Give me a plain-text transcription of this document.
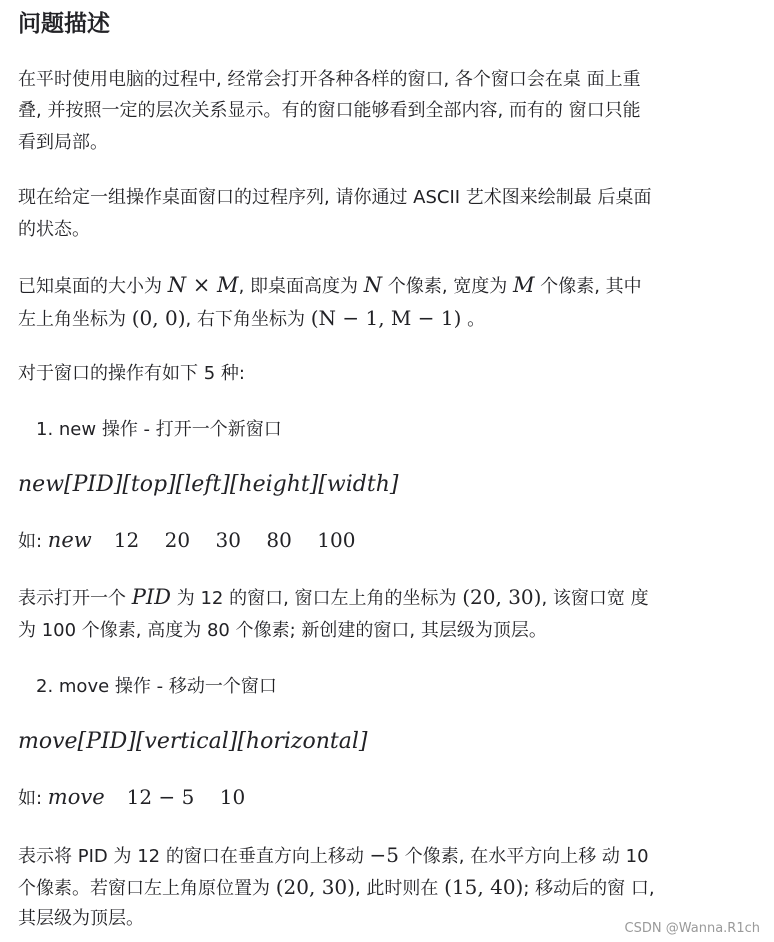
问题描述
在平时使用电脑的过程中, 经常会打开各种各样的窗口, 各个窗口会在桌 面上重
叠, 并按照一定的层次关系显示。有的窗口能够看到全部内容, 而有的 窗口只能
看到局部。
现在给定一组操作桌面窗口的过程序列, 请你通过 ASCII 艺术图来绘制最 后桌面
的状态。
已知桌面的大小为 N × M, 即桌面高度为 N 个像素, 宽度为 M 个像素, 其中
左上角坐标为 (0, 0), 右下角坐标为 (N − 1, M − 1) 。
对于窗口的操作有如下 5 种:
1. new 操作 - 打开一个新窗口
new[PID][top][left][height][width]
如: new 12    20    30    80    100
表示打开一个 PID 为 12 的窗口, 窗口左上角的坐标为 (20, 30), 该窗口宽 度
为 100 个像素, 高度为 80 个像素; 新创建的窗口, 其层级为顶层。
2. move 操作 - 移动一个窗口
move[PID][vertical][horizontal]
如: move 12 − 5    10
表示将 PID 为 12 的窗口在垂直方向上移动 −5 个像素, 在水平方向上移 动 10
个像素。若窗口左上角原位置为 (20, 30), 此时则在 (15, 40); 移动后的窗 口,
其层级为顶层。	CSDN @Wanna.R1ch
